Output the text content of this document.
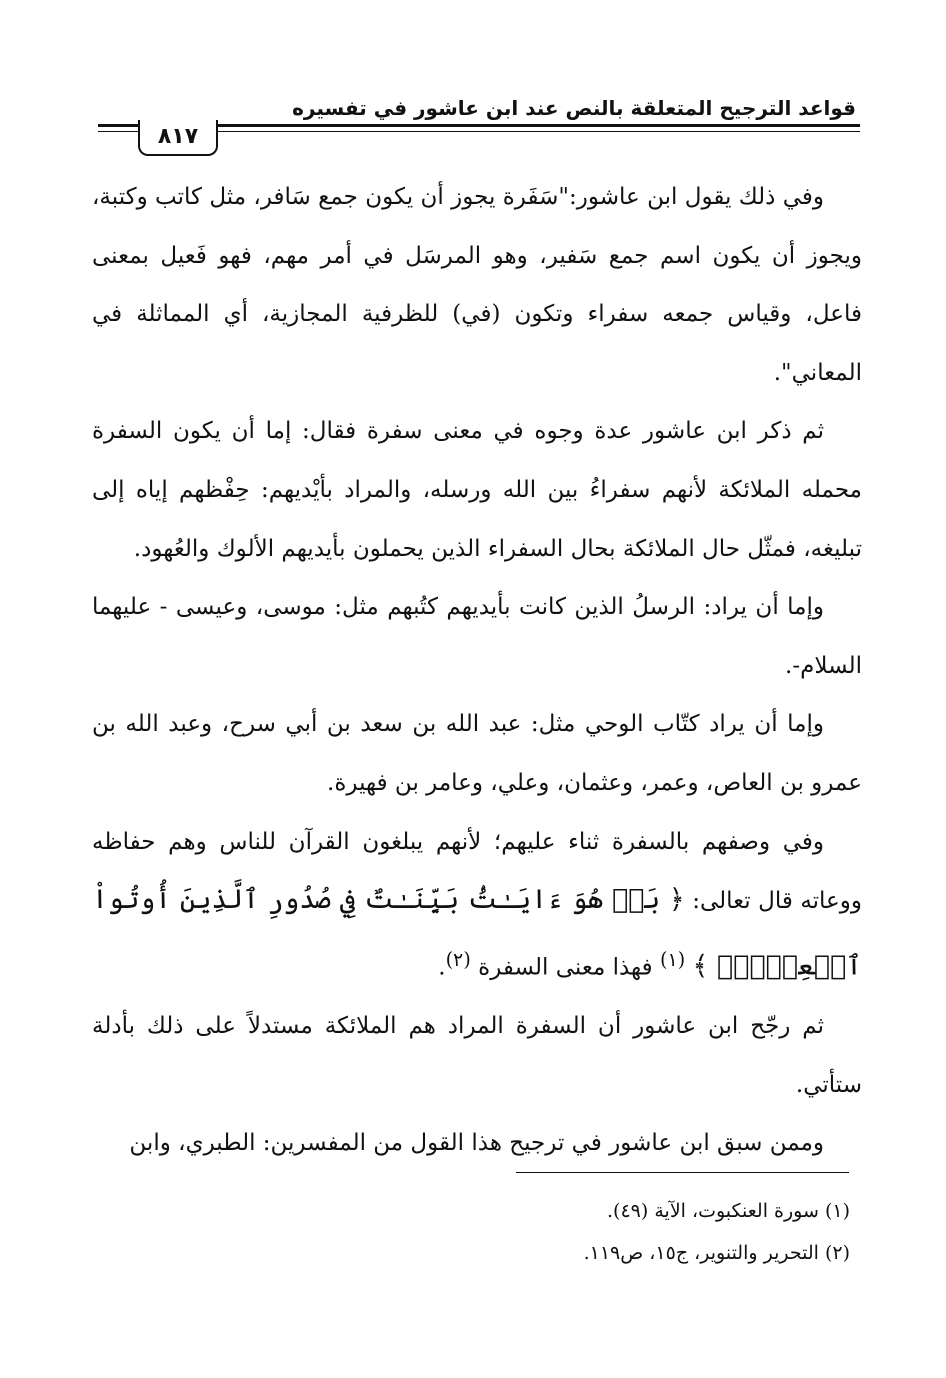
قواعد الترجيح المتعلقة بالنص عند ابن عاشور في تفسيره
٨١٧

وفي ذلك يقول ابن عاشور:"سَفَرة يجوز أن يكون جمع سَافر، مثل كاتب وكتبة، ويجوز أن يكون اسم جمع سَفير، وهو المرسَل في أمر مهم، فهو فَعيل بمعنى فاعل، وقياس جمعه سفراء وتكون (في) للظرفية المجازية، أي المماثلة في المعاني".

ثم ذكر ابن عاشور عدة وجوه في معنى سفرة فقال: إما أن يكون السفرة محمله الملائكة لأنهم سفراءُ بين الله ورسله، والمراد بأيْديهم: حِفْظهم إياه إلى تبليغه، فمثّل حال الملائكة بحال السفراء الذين يحملون بأيديهم الألوك والعُهود.

وإما أن يراد: الرسلُ الذين كانت بأيديهم كتُبهم مثل: موسى، وعيسى - عليهما السلام-.

وإما أن يراد كتّاب الوحي مثل: عبد الله بن سعد بن أبي سرح، وعبد الله بن عمرو بن العاص، وعمر، وعثمان، وعلي، وعامر بن فهيرة.

وفي وصفهم بالسفرة ثناء عليهم؛ لأنهم يبلغون القرآن للناس وهم حفاظه ووعاته قال تعالى: ﴿ بَلۡ هُوَ ءَايَـٰتُۢ بَيِّنَـٰتٌ فِي صُدُورِ ٱلَّذِينَ أُوتُواْ ٱلۡعِلۡمَۚ ﴾ $^{(١)}$ فهذا معنى السفرة $^{(٢)}$.

ثم رجّح ابن عاشور أن السفرة المراد هم الملائكة مستدلاً على ذلك بأدلة ستأتي.

وممن سبق ابن عاشور في ترجيح هذا القول من المفسرين: الطبري، وابن

(١) سورة العنكبوت، الآية (٤٩).

(٢) التحرير والتنوير، ج١٥، ص١١٩.
